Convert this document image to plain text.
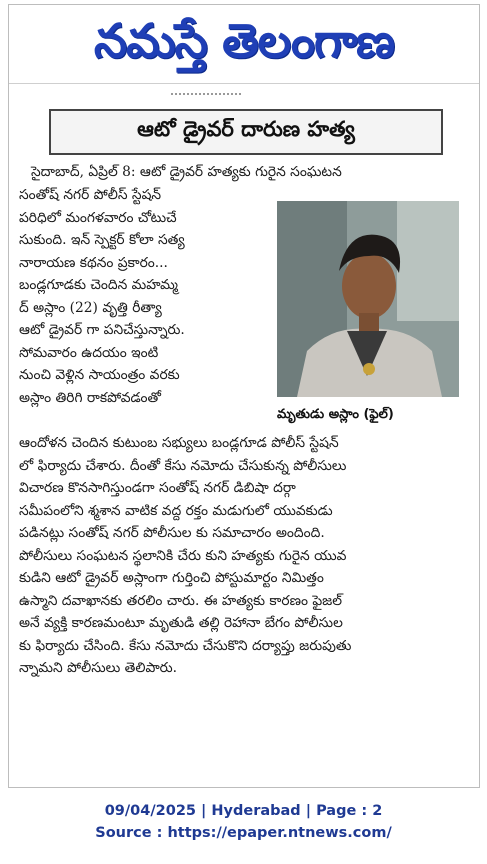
నమస్తే తెలంగాణ
ఆటో డ్రైవర్ దారుణ హత్య
సైదాబాద్, ఏప్రిల్ 8: ఆటో డ్రైవర్ హత్యకు గురైన సంఘటన
సంతోష్ నగర్ పోలీస్ స్టేషన్
పరిధిలో మంగళవారం చోటుచే
సుకుంది. ఇన్ స్పెక్టర్ కోలా సత్య
నారాయణ కథనం ప్రకారం...
బండ్లగూడకు చెందిన మహమ్మ
ద్ అస్లాం (22) వృత్తి రీత్యా
ఆటో డ్రైవర్ గా పనిచేస్తున్నారు.
సోమవారం ఉదయం ఇంటి
నుంచి వెళ్లిన సాయంత్రం వరకు
అస్లాం తిరిగి రాకపోవడంతో
మృతుడు అస్లాం (ఫైల్)
ఆందోళన చెందిన కుటుంబ సభ్యులు బండ్లగూడ పోలీస్ స్టేషన్
లో ఫిర్యాదు చేశారు. దీంతో కేసు నమోదు చేసుకున్న పోలీసులు
విచారణ కొనసాగిస్తుండగా సంతోష్ నగర్ డిబిషా దర్గా
సమీపంలోని శ్మశాన వాటిక వద్ద రక్తం మడుగులో యువకుడు
పడినట్లు సంతోష్ నగర్ పోలీసుల కు సమాచారం అందింది.
పోలీసులు సంఘటన స్థలానికి చేరు కుని హత్యకు గురైన యువ
కుడిని ఆటో డ్రైవర్ అస్లాంగా గుర్తించి పోస్టుమార్టం నిమిత్తం
ఉస్మాని దవాఖానకు తరలిం చారు. ఈ హత్యకు కారణం ఫైజల్
అనే వ్యక్తి కారణమంటూ మృతుడి తల్లి రెహానా బేగం పోలీసుల
కు ఫిర్యాదు చేసింది. కేసు నమోదు చేసుకొని దర్యాప్తు జరుపుతు
న్నామని పోలీసులు తెలిపారు.
09/04/2025 | Hyderabad | Page : 2
Source : https://epaper.ntnews.com/
